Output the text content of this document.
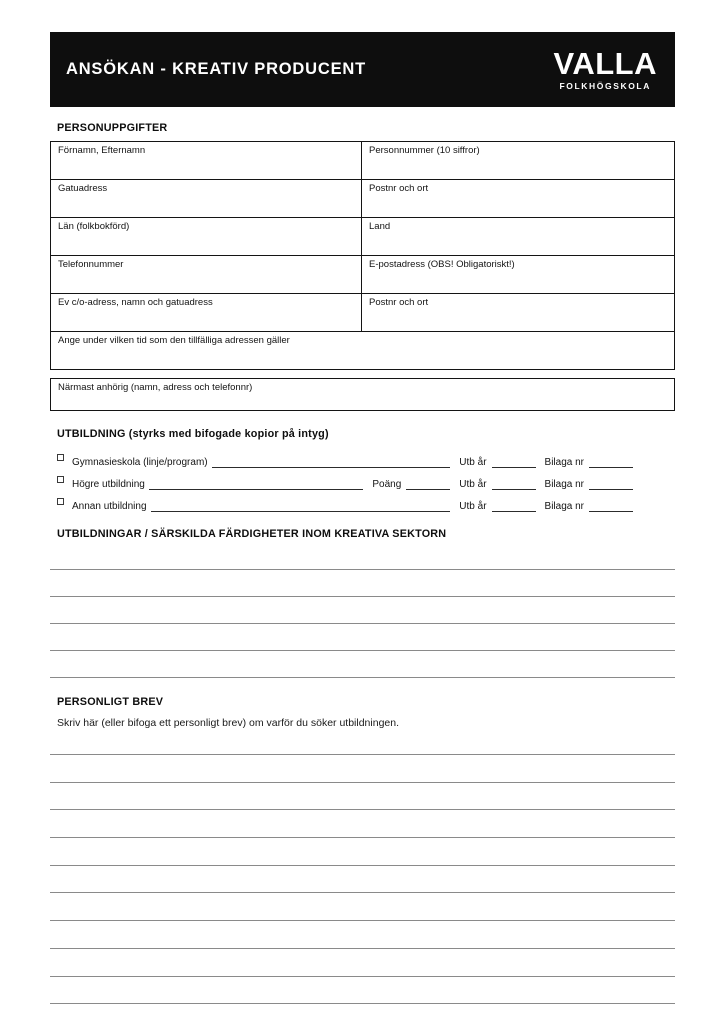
ANSÖKAN - KREATIV PRODUCENT	VALLA
FOLKHÖGSKOLA
PERSONUPPGIFTER
Förnamn, Efternamn	Personnummer (10 siffror)
Gatuadress	Postnr och ort
Län (folkbokförd)	Land
Telefonnummer	E-postadress (OBS! Obligatoriskt!)
Ev c/o-adress, namn och gatuadress	Postnr och ort
Ange under vilken tid som den tillfälliga adressen gäller	
Närmast anhörig (namn, adress och telefonnr)
UTBILDNING (styrks med bifogade kopior på intyg)
Gymnasieskola (linje/program)	Utb år	Bilaga nr
Högre utbildning	Poäng	Utb år	Bilaga nr
Annan utbildning	Utb år	Bilaga nr
UTBILDNINGAR / SÄRSKILDA FÄRDIGHETER INOM KREATIVA SEKTORN
PERSONLIGT BREV
Skriv här (eller bifoga ett personligt brev) om varför du söker utbildningen.
